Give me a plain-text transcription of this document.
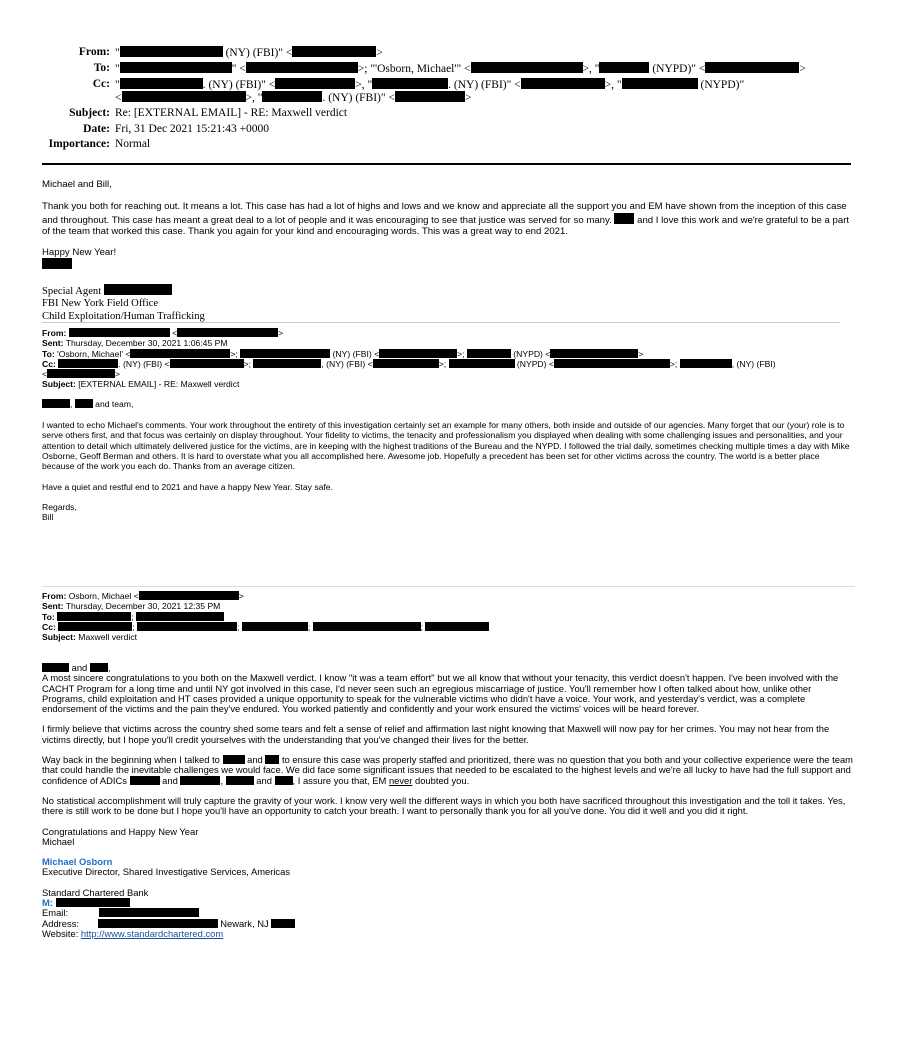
From: "	(NY) (FBI)" <	>
To: "	" <	>; "'Osborn, Michael'" <	>, "	(NYPD)" <	>
Cc: "	. (NY) (FBI)" <	>, "	. (NY) (FBI)" <	>, "	(NYPD)"
<	>, "	. (NY) (FBI)" <	>
Subject: Re: [EXTERNAL EMAIL] - RE: Maxwell verdict
Date: Fri, 31 Dec 2021 15:21:43 +0000
Importance: Normal

Michael and Bill,

Thank you both for reaching out. It means a lot. This case has had a lot of highs and lows and we know and appreciate all the support you and EM have shown from the inception of this case and throughout. This case has meant a great deal to a lot of people and it was encouraging to see that justice was served for so many.	and I love this work and we're grateful to be a part of the team that worked this case. Thank you again for your kind and encouraging words. This was a great way to end 2021.

Happy New Year!

Special Agent
FBI New York Field Office
Child Exploitation/Human Trafficking
From:	<	>
Sent: Thursday, December 30, 2021 1:06:45 PM
To: 'Osborn, Michael' <	>;	(NY) (FBI) <	>;	(NYPD) <	>
Cc:	. (NY) (FBI) <	>;	, (NY) (FBI) <	>;	(NYPD) <	>;	, (NY) (FBI)
<	>
Subject: [EXTERNAL EMAIL] - RE: Maxwell verdict
,  and team,
I wanted to echo Michael's comments. Your work throughout the entirety of this investigation certainly set an example for many others, both inside and outside of our agencies. Many forget that our (your) role is to serve others first, and that focus was certainly on display throughout. Your fidelity to victims, the tenacity and professionalism you displayed when dealing with some challenging issues and personalities, and your attention to detail which ultimately delivered justice for the victims, are in keeping with the highest traditions of the Bureau and the NYPD. I followed the trial daily, sometimes checking multiple times a day with Mike Osborne, Geoff Berman and others. It is hard to overstate what you all accomplished here. Awesome job. Hopefully a precedent has been set for other victims across the country. The world is a better place because of the work you each do. Thanks from an average citizen.
Have a quiet and restful end to 2021 and have a happy New Year. Stay safe.
Regards,
Bill
From: Osborn, Michael <	>
Sent: Thursday, December 30, 2021 12:35 PM
To:	;
Cc:	;	;	;	;
Subject: Maxwell verdict
and ,
A most sincere congratulations to you both on the Maxwell verdict. I know "it was a team effort" but we all know that without your tenacity, this verdict doesn't happen. I've been involved with the CACHT Program for a long time and until NY got involved in this case, I'd never seen such an egregious miscarriage of justice. You'll remember how I often talked about how, unlike other Programs, child exploitation and HT cases provided a unique opportunity to speak for the vulnerable victims who didn't have a voice. Your work, and yesterday's verdict, was a complete endorsement of the victims and the pain they've endured. You worked patiently and confidently and your work ensured the victims' voices will be heard forever.
I firmly believe that victims across the country shed some tears and felt a sense of relief and affirmation last night knowing that Maxwell will now pay for her crimes. You may not hear from the victims directly, but I hope you'll credit yourselves with the understanding that you've changed their lives for the better.
Way back in the beginning when I talked to	and to ensure this case was properly staffed and prioritized, there was no question that you both and your collective experience were the team that could handle the inevitable challenges we would face. We did face some significant issues that needed to be escalated to the highest levels and we're all lucky to have had the full support and confidence of ADICs	and	,	and , I assure you that, EM never doubted you.
No statistical accomplishment will truly capture the gravity of your work. I know very well the different ways in which you both have sacrificed throughout this investigation and the toll it takes. Yes, there is still work to be done but I hope you'll have an opportunity to catch your breath. I want to personally thank you for all you've done. You did it well and you did it right.
Congratulations and Happy New Year
Michael
Michael Osborn
Executive Director, Shared Investigative Services, Americas
Standard Chartered Bank
M:
Email:
Address:	Newark, NJ
Website: http://www.standardchartered.com
